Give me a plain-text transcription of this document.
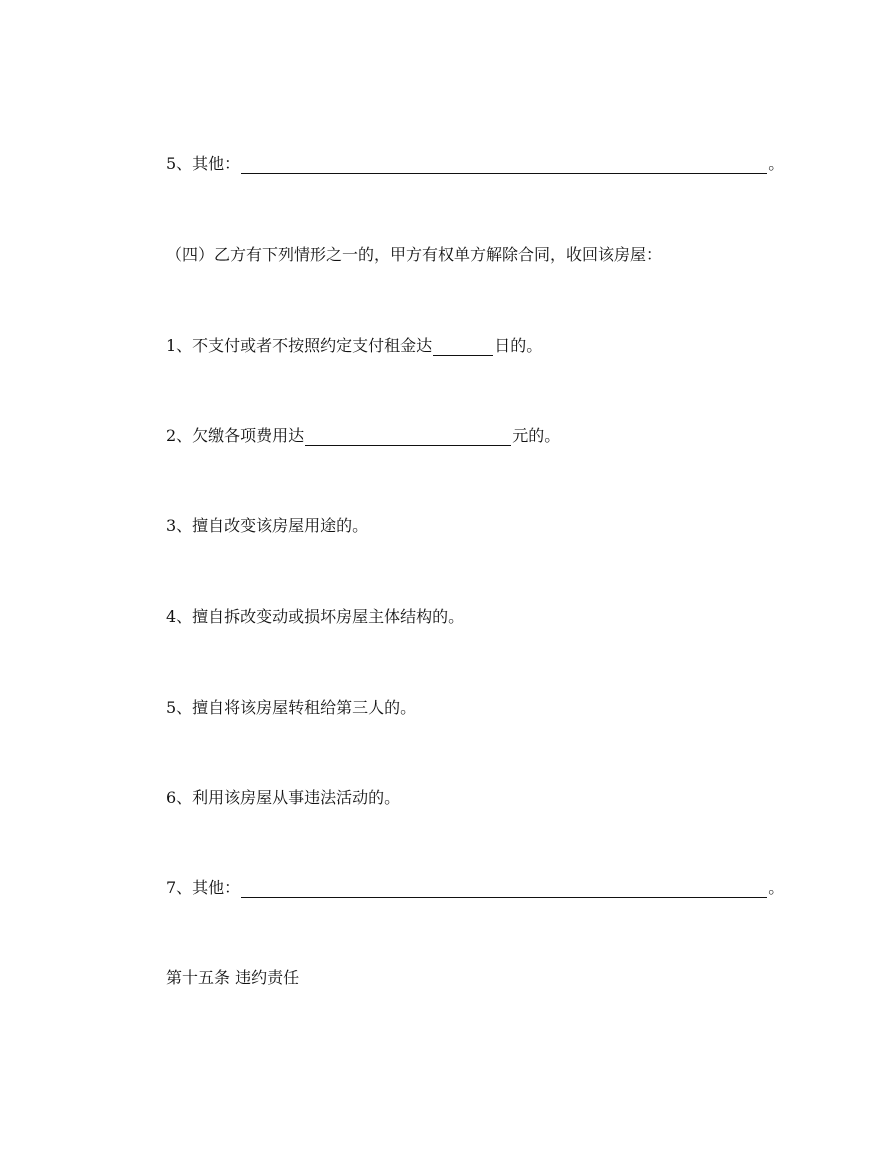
5、其他：	。
（四）乙方有下列情形之一的，甲方有权单方解除合同，收回该房屋：
1、不支付或者不按照约定支付租金达	日的。
2、欠缴各项费用达	元的。
3、擅自改变该房屋用途的。
4、擅自拆改变动或损坏房屋主体结构的。
5、擅自将该房屋转租给第三人的。
6、利用该房屋从事违法活动的。
7、其他：	。
第十五条 违约责任
